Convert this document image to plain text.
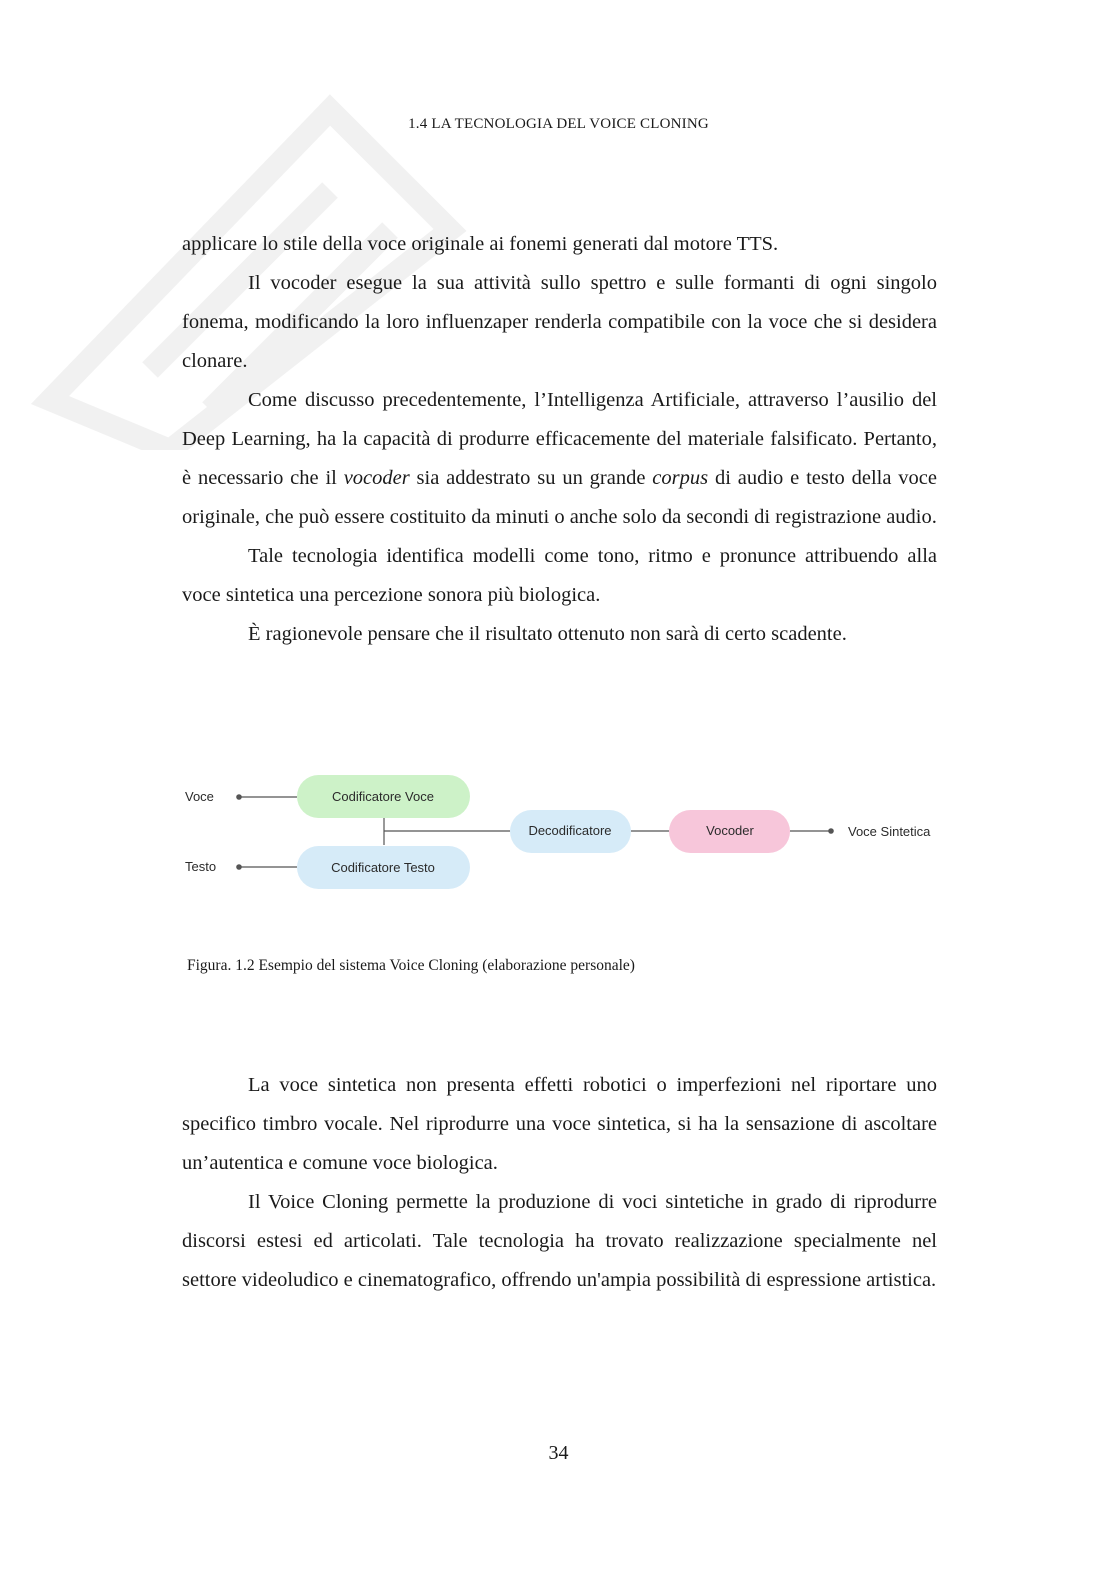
1.4 LA TECNOLOGIA DEL VOICE CLONING

applicare lo stile della voce originale ai fonemi generati dal motore TTS.

Il vocoder esegue la sua attività sullo spettro e sulle formanti di ogni singolo fonema, modificando la loro influenzaper renderla compatibile con la voce che si desidera clonare.

Come discusso precedentemente, l’Intelligenza Artificiale, attraverso l’ausilio del Deep Learning, ha la capacità di produrre efficacemente del materiale falsificato. Pertanto, è necessario che il vocoder sia addestrato su un grande corpus di audio e testo della voce originale, che può essere costituito da minuti o anche solo da secondi di registrazione audio.

Tale tecnologia identifica modelli come tono, ritmo e pronunce attribuendo alla voce sintetica una percezione sonora più biologica.

È ragionevole pensare che il risultato ottenuto non sarà di certo scadente.

Voce
Testo
Codificatore Voce
Codificatore Testo
Decodificatore	Vocoder	Voce Sintetica
Figura. 1.2 Esempio del sistema Voice Cloning (elaborazione personale)

La voce sintetica non presenta effetti robotici o imperfezioni nel riportare uno specifico timbro vocale. Nel riprodurre una voce sintetica, si ha la sensazione di ascoltare un’autentica e comune voce biologica.

Il Voice Cloning permette la produzione di voci sintetiche in grado di riprodurre discorsi estesi ed articolati. Tale tecnologia ha trovato realizzazione specialmente nel settore videoludico e cinematografico, offrendo un'ampia possibilità di espressione artistica.

34
